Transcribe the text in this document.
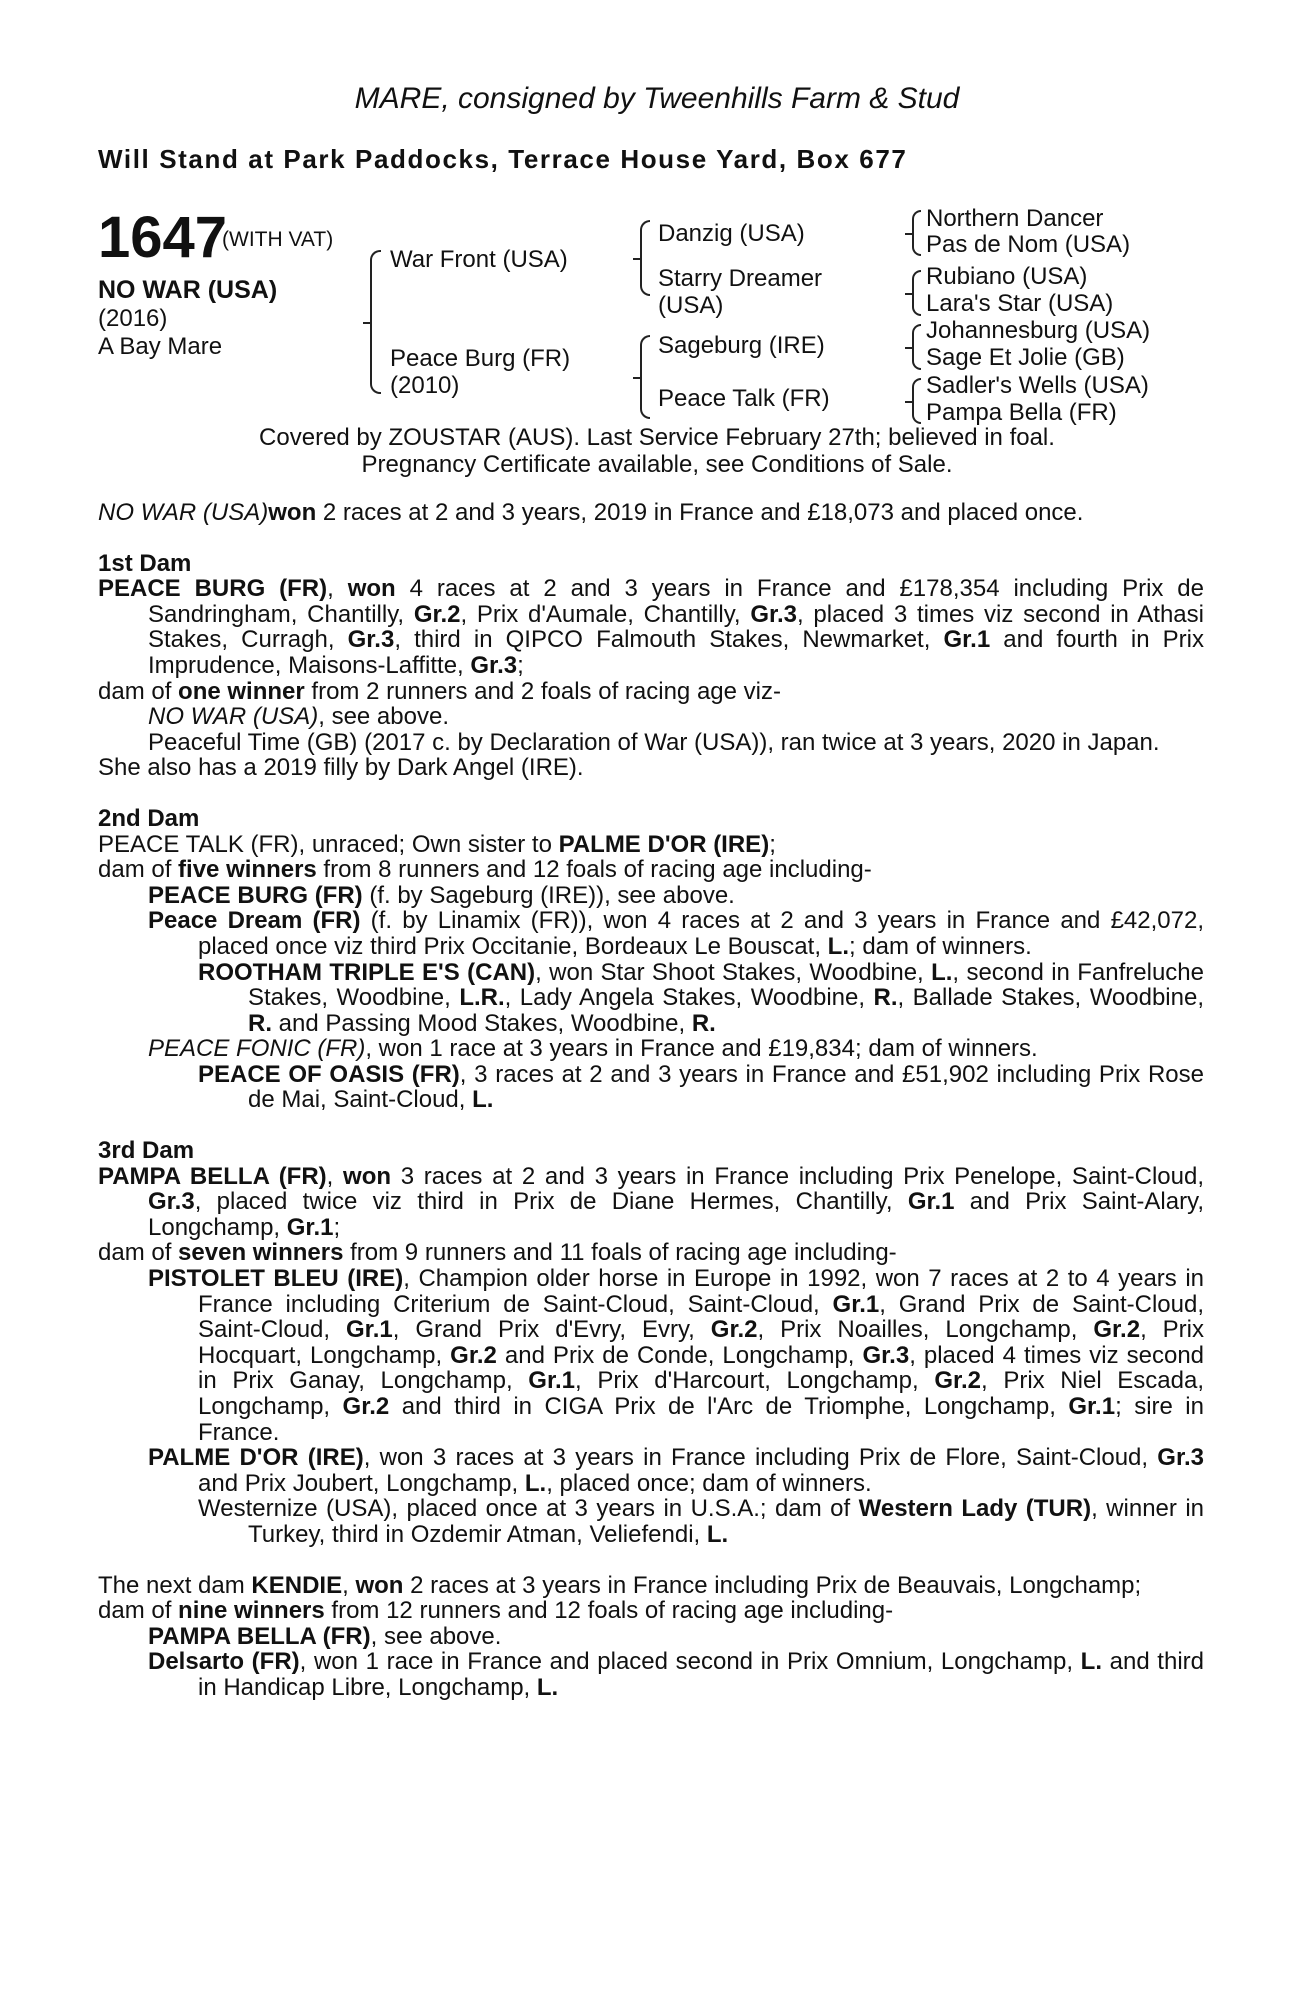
MARE, consigned by Tweenhills Farm & Stud
Will Stand at Park Paddocks, Terrace House Yard, Box 677
1647
(WITH VAT)
NO WAR (USA)
(2016)
A Bay Mare
War Front (USA)
Peace Burg (FR)
(2010)
Danzig (USA)
Starry Dreamer
(USA)
Sageburg (IRE)
Peace Talk (FR)
Northern Dancer
Pas de Nom (USA)
Rubiano (USA)
Lara's Star (USA)
Johannesburg (USA)
Sage Et Jolie (GB)
Sadler's Wells (USA)
Pampa Bella (FR)
Covered by ZOUSTAR (AUS). Last Service February 27th; believed in foal.
Pregnancy Certificate available, see Conditions of Sale.

NO WAR (USA)won 2 races at 2 and 3 years, 2019 in France and £18,073 and placed once.

1st Dam

PEACE BURG (FR), won 4 races at 2 and 3 years in France and £178,354 including Prix de Sandringham, Chantilly, Gr.2, Prix d'Aumale, Chantilly, Gr.3, placed 3 times viz second in Athasi Stakes, Curragh, Gr.3, third in QIPCO Falmouth Stakes, Newmarket, Gr.1 and fourth in Prix Imprudence, Maisons-Laffitte, Gr.3;

dam of one winner from 2 runners and 2 foals of racing age viz-

NO WAR (USA), see above.

Peaceful Time (GB) (2017 c. by Declaration of War (USA)), ran twice at 3 years, 2020 in Japan.

She also has a 2019 filly by Dark Angel (IRE).

2nd Dam

PEACE TALK (FR), unraced; Own sister to PALME D'OR (IRE);

dam of five winners from 8 runners and 12 foals of racing age including-

PEACE BURG (FR) (f. by Sageburg (IRE)), see above.

Peace Dream (FR) (f. by Linamix (FR)), won 4 races at 2 and 3 years in France and £42,072, placed once viz third Prix Occitanie, Bordeaux Le Bouscat, L.; dam of winners.

ROOTHAM TRIPLE E'S (CAN), won Star Shoot Stakes, Woodbine, L., second in Fanfreluche Stakes, Woodbine, L.R., Lady Angela Stakes, Woodbine, R., Ballade Stakes, Woodbine, R. and Passing Mood Stakes, Woodbine, R.

PEACE FONIC (FR), won 1 race at 3 years in France and £19,834; dam of winners.

PEACE OF OASIS (FR), 3 races at 2 and 3 years in France and £51,902 including Prix Rose de Mai, Saint-Cloud, L.

3rd Dam

PAMPA BELLA (FR), won 3 races at 2 and 3 years in France including Prix Penelope, Saint-Cloud, Gr.3, placed twice viz third in Prix de Diane Hermes, Chantilly, Gr.1 and Prix Saint-Alary, Longchamp, Gr.1;

dam of seven winners from 9 runners and 11 foals of racing age including-

PISTOLET BLEU (IRE), Champion older horse in Europe in 1992, won 7 races at 2 to 4 years in France including Criterium de Saint-Cloud, Saint-Cloud, Gr.1, Grand Prix de Saint-Cloud, Saint-Cloud, Gr.1, Grand Prix d'Evry, Evry, Gr.2, Prix Noailles, Longchamp, Gr.2, Prix Hocquart, Longchamp, Gr.2 and Prix de Conde, Longchamp, Gr.3, placed 4 times viz second in Prix Ganay, Longchamp, Gr.1, Prix d'Harcourt, Longchamp, Gr.2, Prix Niel Escada, Longchamp, Gr.2 and third in CIGA Prix de l'Arc de Triomphe, Longchamp, Gr.1; sire in France.

PALME D'OR (IRE), won 3 races at 3 years in France including Prix de Flore, Saint-Cloud, Gr.3 and Prix Joubert, Longchamp, L., placed once; dam of winners.

Westernize (USA), placed once at 3 years in U.S.A.; dam of Western Lady (TUR), winner in Turkey, third in Ozdemir Atman, Veliefendi, L.

The next dam KENDIE, won 2 races at 3 years in France including Prix de Beauvais, Longchamp;

dam of nine winners from 12 runners and 12 foals of racing age including-

PAMPA BELLA (FR), see above.

Delsarto (FR), won 1 race in France and placed second in Prix Omnium, Longchamp, L. and third in Handicap Libre, Longchamp, L.
